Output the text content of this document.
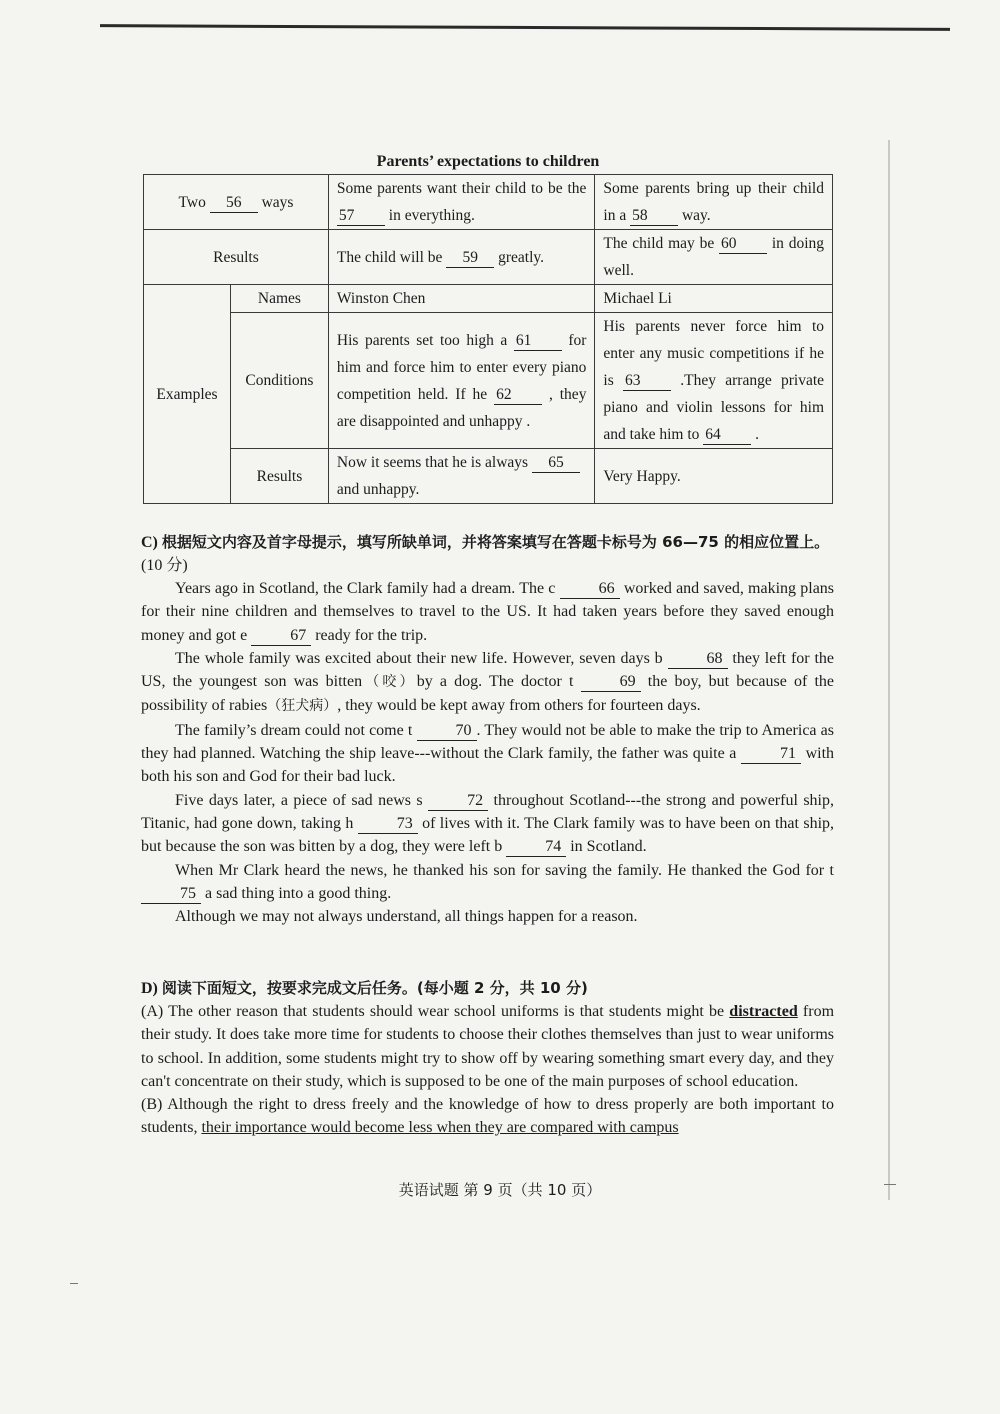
Parents’ expectations to children
Two 56 ways		Some parents want their child to be the 57 in everything.	Some parents bring up their child in a 58 way.
Results		The child will be 59 greatly.	The child may be 60 in doing well.
Examples	Names	Winston Chen	Michael Li
	Conditions	His parents set too high a 61 for him and force him to enter every piano competition held. If he 62 , they are disappointed and unhappy .	His parents never force him to enter any music competitions if he is 63 .They arrange private piano and violin lessons for him and take him to 64 .
	Results	Now it seems that he is always 65 and unhappy.	Very Happy.
C) 根据短文内容及首字母提示，填写所缺单词，并将答案填写在答题卡标号为 66—75 的相应位置上。(10 分)

Years ago in Scotland, the Clark family had a dream. The c	66 worked and saved, making plans for their nine children and themselves to travel to the US. It had taken years before they saved enough money and got e	67 ready for the trip.

The whole family was excited about their new life. However, seven days b	68 they left for the US, the youngest son was bitten（咬）by a dog. The doctor t	69 the boy, but because of the possibility of rabies（狂犬病）, they would be kept away from others for fourteen days.

The family’s dream could not come t	70 . They would not be able to make the trip to America as they had planned. Watching the ship leave---without the Clark family, the father was quite a	71 with both his son and God for their bad luck.

Five days later, a piece of sad news s	72 throughout Scotland---the strong and powerful ship, Titanic, had gone down, taking h	73 of lives with it. The Clark family was to have been on that ship, but because the son was bitten by a dog, they were left b	74 in Scotland.

When Mr Clark heard the news, he thanked his son for saving the family. He thanked the God for t 75 a sad thing into a good thing.

Although we may not always understand, all things happen for a reason.

D) 阅读下面短文，按要求完成文后任务。(每小题 2 分，共 10 分)

(A) The other reason that students should wear school uniforms is that students might be distracted from their study. It does take more time for students to choose their clothes themselves than just to wear uniforms to school. In addition, some students might try to show off by wearing something smart every day, and they can't concentrate on their study, which is supposed to be one of the main purposes of school education.

(B) Although the right to dress freely and the knowledge of how to dress properly are both important to students, their importance would become less when they are compared with campus

英语试题 第 9 页（共 10 页）
